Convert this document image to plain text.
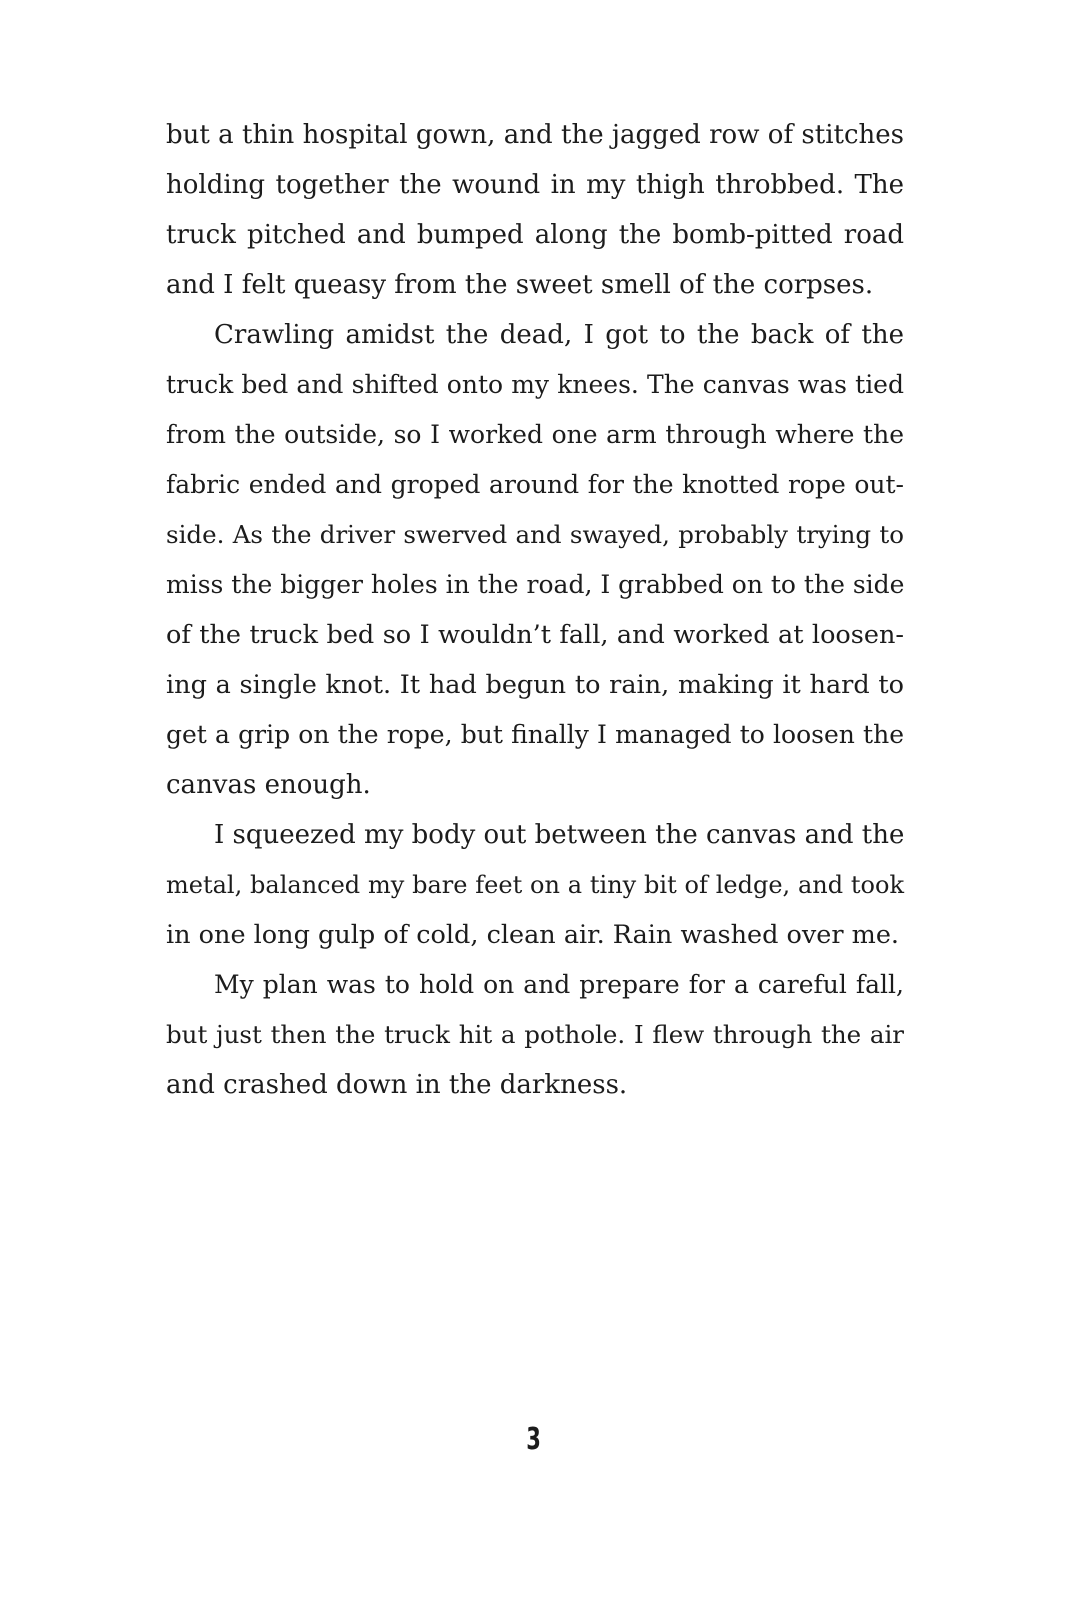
but a thin hospital gown, and the jagged row of stitches
holding together the wound in my thigh throbbed. The
truck pitched and bumped along the bomb-pitted road
and I felt queasy from the sweet smell of the corpses.
Crawling amidst the dead, I got to the back of the
truck bed and shifted onto my knees. The canvas was tied
from the outside, so I worked one arm through where the
fabric ended and groped around for the knotted rope out-
side. As the driver swerved and swayed, probably trying to
miss the bigger holes in the road, I grabbed on to the side
of the truck bed so I wouldn’t fall, and worked at loosen-
ing a single knot. It had begun to rain, making it hard to
get a grip on the rope, but finally I managed to loosen the
canvas enough.
I squeezed my body out between the canvas and the
metal, balanced my bare feet on a tiny bit of ledge, and took
in one long gulp of cold, clean air. Rain washed over me.
My plan was to hold on and prepare for a careful fall,
but just then the truck hit a pothole. I flew through the air
and crashed down in the darkness.
3
